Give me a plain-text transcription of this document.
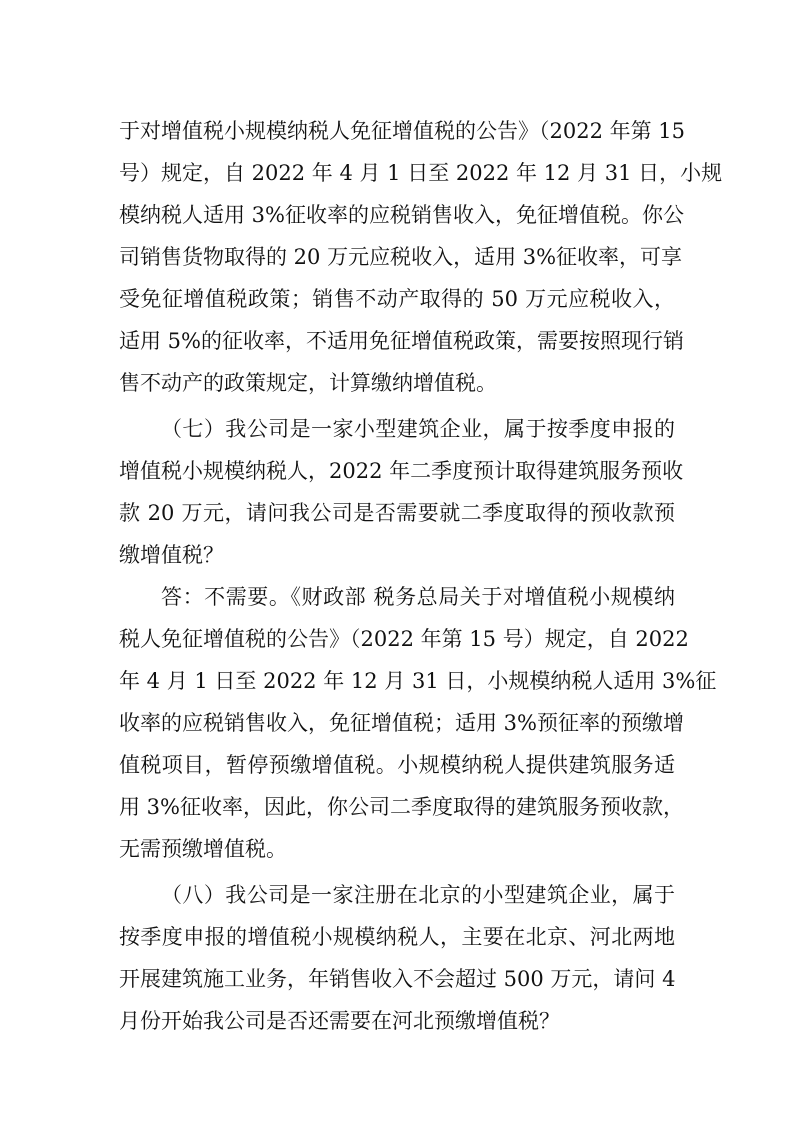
于对增值税小规模纳税人免征增值税的公告》（2022 年第 15
号）规定，自 2022 年 4 月 1 日至 2022 年 12 月 31 日，小规
模纳税人适用 3%征收率的应税销售收入，免征增值税。你公
司销售货物取得的 20 万元应税收入，适用 3%征收率，可享
受免征增值税政策；销售不动产取得的 50 万元应税收入，
适用 5%的征收率，不适用免征增值税政策，需要按照现行销
售不动产的政策规定，计算缴纳增值税。
（七）我公司是一家小型建筑企业，属于按季度申报的
增值税小规模纳税人，2022 年二季度预计取得建筑服务预收
款 20 万元，请问我公司是否需要就二季度取得的预收款预
缴增值税？
答：不需要。《财政部 税务总局关于对增值税小规模纳
税人免征增值税的公告》（2022 年第 15 号）规定，自 2022
年 4 月 1 日至 2022 年 12 月 31 日，小规模纳税人适用 3%征
收率的应税销售收入，免征增值税；适用 3%预征率的预缴增
值税项目，暂停预缴增值税。小规模纳税人提供建筑服务适
用 3%征收率，因此，你公司二季度取得的建筑服务预收款，
无需预缴增值税。
（八）我公司是一家注册在北京的小型建筑企业，属于
按季度申报的增值税小规模纳税人，主要在北京、河北两地
开展建筑施工业务，年销售收入不会超过 500 万元，请问 4
月份开始我公司是否还需要在河北预缴增值税？
